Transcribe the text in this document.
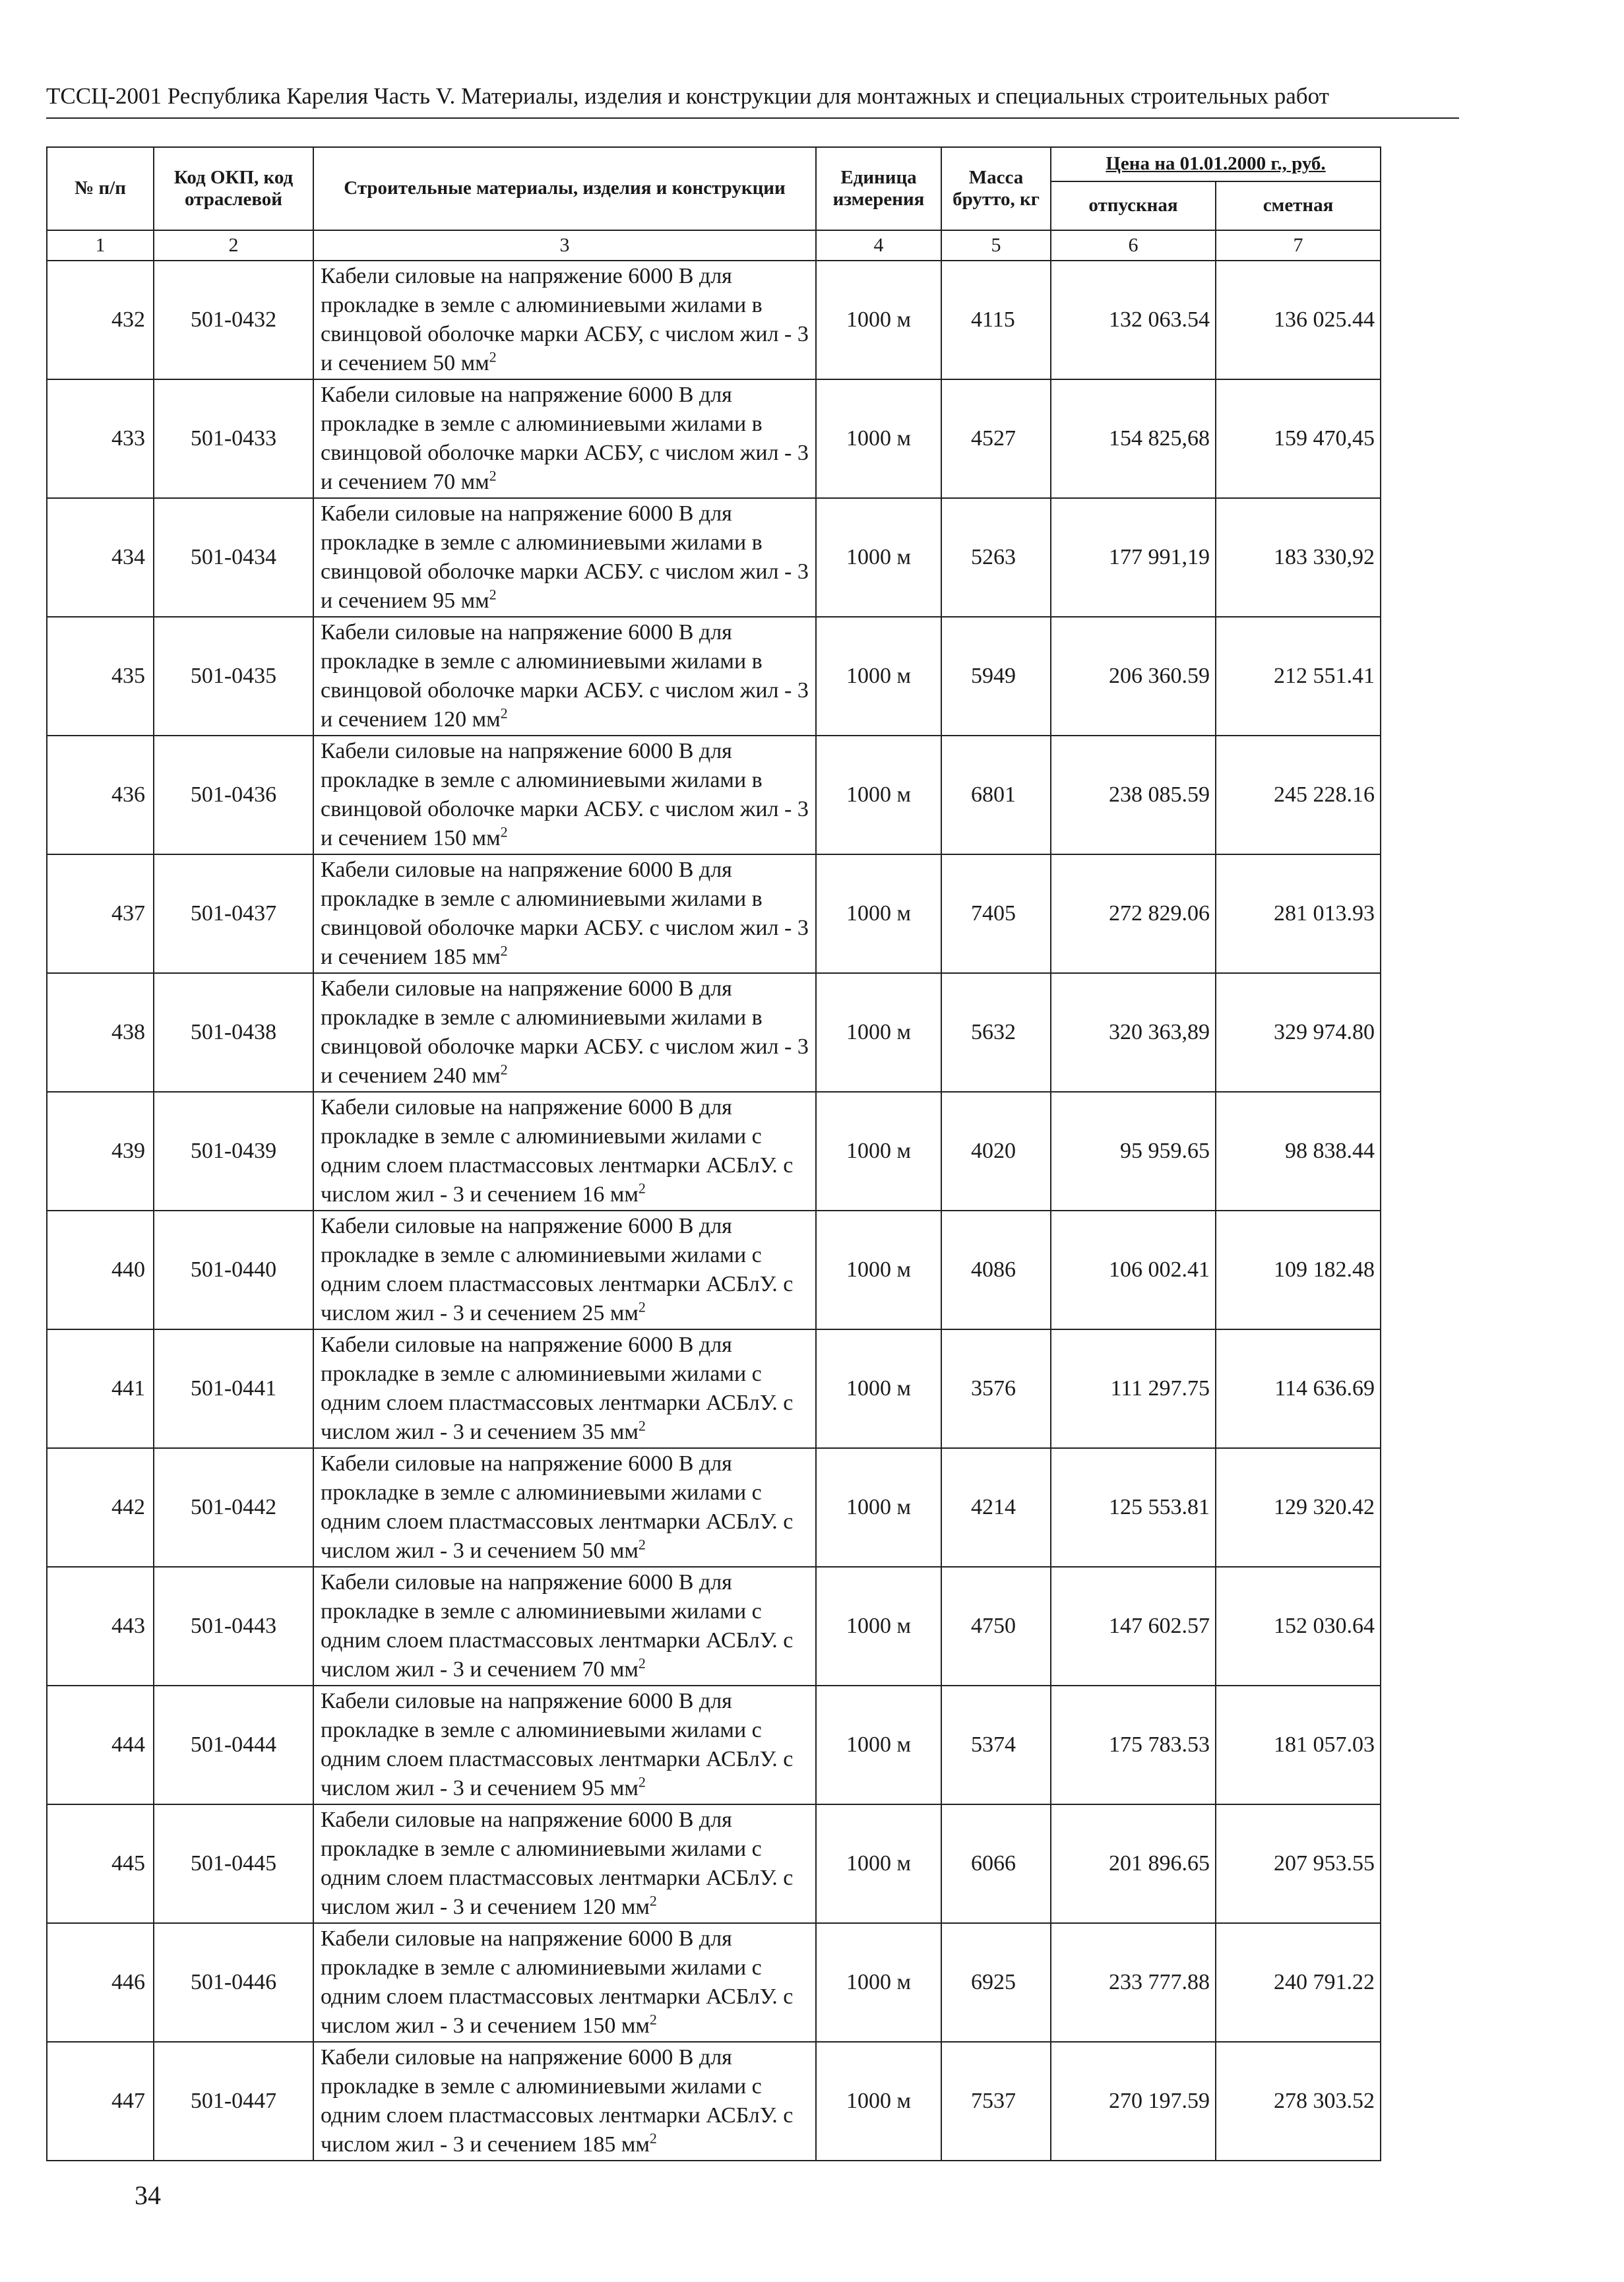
ТССЦ-2001 Республика Карелия Часть V. Материалы, изделия и конструкции для монтажных и специальных строительных работ
№ п/п	Код ОКП, код отраслевой	Строительные материалы, изделия и конструкции	Единица измерения	Масса брутто, кг	Цена на 01.01.2000 г., руб.	
					отпускная	сметная
1	2	3	4	5	6	7
432	501-0432	Кабели силовые на напряжение 6000 В для прокладке в земле с алюминиевыми жилами в свинцовой оболочке марки АСБУ, с числом жил - 3 и сечением 50 $мм^2$	1000 м	4115	132 063.54	136 025.44
433	501-0433	Кабели силовые на напряжение 6000 В для прокладке в земле с алюминиевыми жилами в свинцовой оболочке марки АСБУ, с числом жил - 3 и сечением 70 $мм^2$	1000 м	4527	154 825,68	159 470,45
434	501-0434	Кабели силовые на напряжение 6000 В для прокладке в земле с алюминиевыми жилами в свинцовой оболочке марки АСБУ. с числом жил - 3 и сечением 95 $мм^2$	1000 м	5263	177 991,19	183 330,92
435	501-0435	Кабели силовые на напряжение 6000 В для прокладке в земле с алюминиевыми жилами в свинцовой оболочке марки АСБУ. с числом жил - 3 и сечением 120 $мм^2$	1000 м	5949	206 360.59	212 551.41
436	501-0436	Кабели силовые на напряжение 6000 В для прокладке в земле с алюминиевыми жилами в свинцовой оболочке марки АСБУ. с числом жил - 3 и сечением 150 $мм^2$	1000 м	6801	238 085.59	245 228.16
437	501-0437	Кабели силовые на напряжение 6000 В для прокладке в земле с алюминиевыми жилами в свинцовой оболочке марки АСБУ. с числом жил - 3 и сечением 185 $мм^2$	1000 м	7405	272 829.06	281 013.93
438	501-0438	Кабели силовые на напряжение 6000 В для прокладке в земле с алюминиевыми жилами в свинцовой оболочке марки АСБУ. с числом жил - 3 и сечением 240 $мм^2$	1000 м	5632	320 363,89	329 974.80
439	501-0439	Кабели силовые на напряжение 6000 В для прокладке в земле с алюминиевыми жилами с одним слоем пластмассовых лентмарки АСБлУ. с числом жил - 3 и сечением 16 $мм^2$	1000 м	4020	95 959.65	98 838.44
440	501-0440	Кабели силовые на напряжение 6000 В для прокладке в земле с алюминиевыми жилами с одним слоем пластмассовых лентмарки АСБлУ. с числом жил - 3 и сечением 25 $мм^2$	1000 м	4086	106 002.41	109 182.48
441	501-0441	Кабели силовые на напряжение 6000 В для прокладке в земле с алюминиевыми жилами с одним слоем пластмассовых лентмарки АСБлУ. с числом жил - 3 и сечением 35 $мм^2$	1000 м	3576	111 297.75	114 636.69
442	501-0442	Кабели силовые на напряжение 6000 В для прокладке в земле с алюминиевыми жилами с одним слоем пластмассовых лентмарки АСБлУ. с числом жил - 3 и сечением 50 $мм^2$	1000 м	4214	125 553.81	129 320.42
443	501-0443	Кабели силовые на напряжение 6000 В для прокладке в земле с алюминиевыми жилами с одним слоем пластмассовых лентмарки АСБлУ. с числом жил - 3 и сечением 70 $мм^2$	1000 м	4750	147 602.57	152 030.64
444	501-0444	Кабели силовые на напряжение 6000 В для прокладке в земле с алюминиевыми жилами с одним слоем пластмассовых лентмарки АСБлУ. с числом жил - 3 и сечением 95 $мм^2$	1000 м	5374	175 783.53	181 057.03
445	501-0445	Кабели силовые на напряжение 6000 В для прокладке в земле с алюминиевыми жилами с одним слоем пластмассовых лентмарки АСБлУ. с числом жил - 3 и сечением 120 $мм^2$	1000 м	6066	201 896.65	207 953.55
446	501-0446	Кабели силовые на напряжение 6000 В для прокладке в земле с алюминиевыми жилами с одним слоем пластмассовых лентмарки АСБлУ. с числом жил - 3 и сечением 150 $мм^2$	1000 м	6925	233 777.88	240 791.22
447	501-0447	Кабели силовые на напряжение 6000 В для прокладке в земле с алюминиевыми жилами с одним слоем пластмассовых лентмарки АСБлУ. с числом жил - 3 и сечением 185 $мм^2$	1000 м	7537	270 197.59	278 303.52
34
